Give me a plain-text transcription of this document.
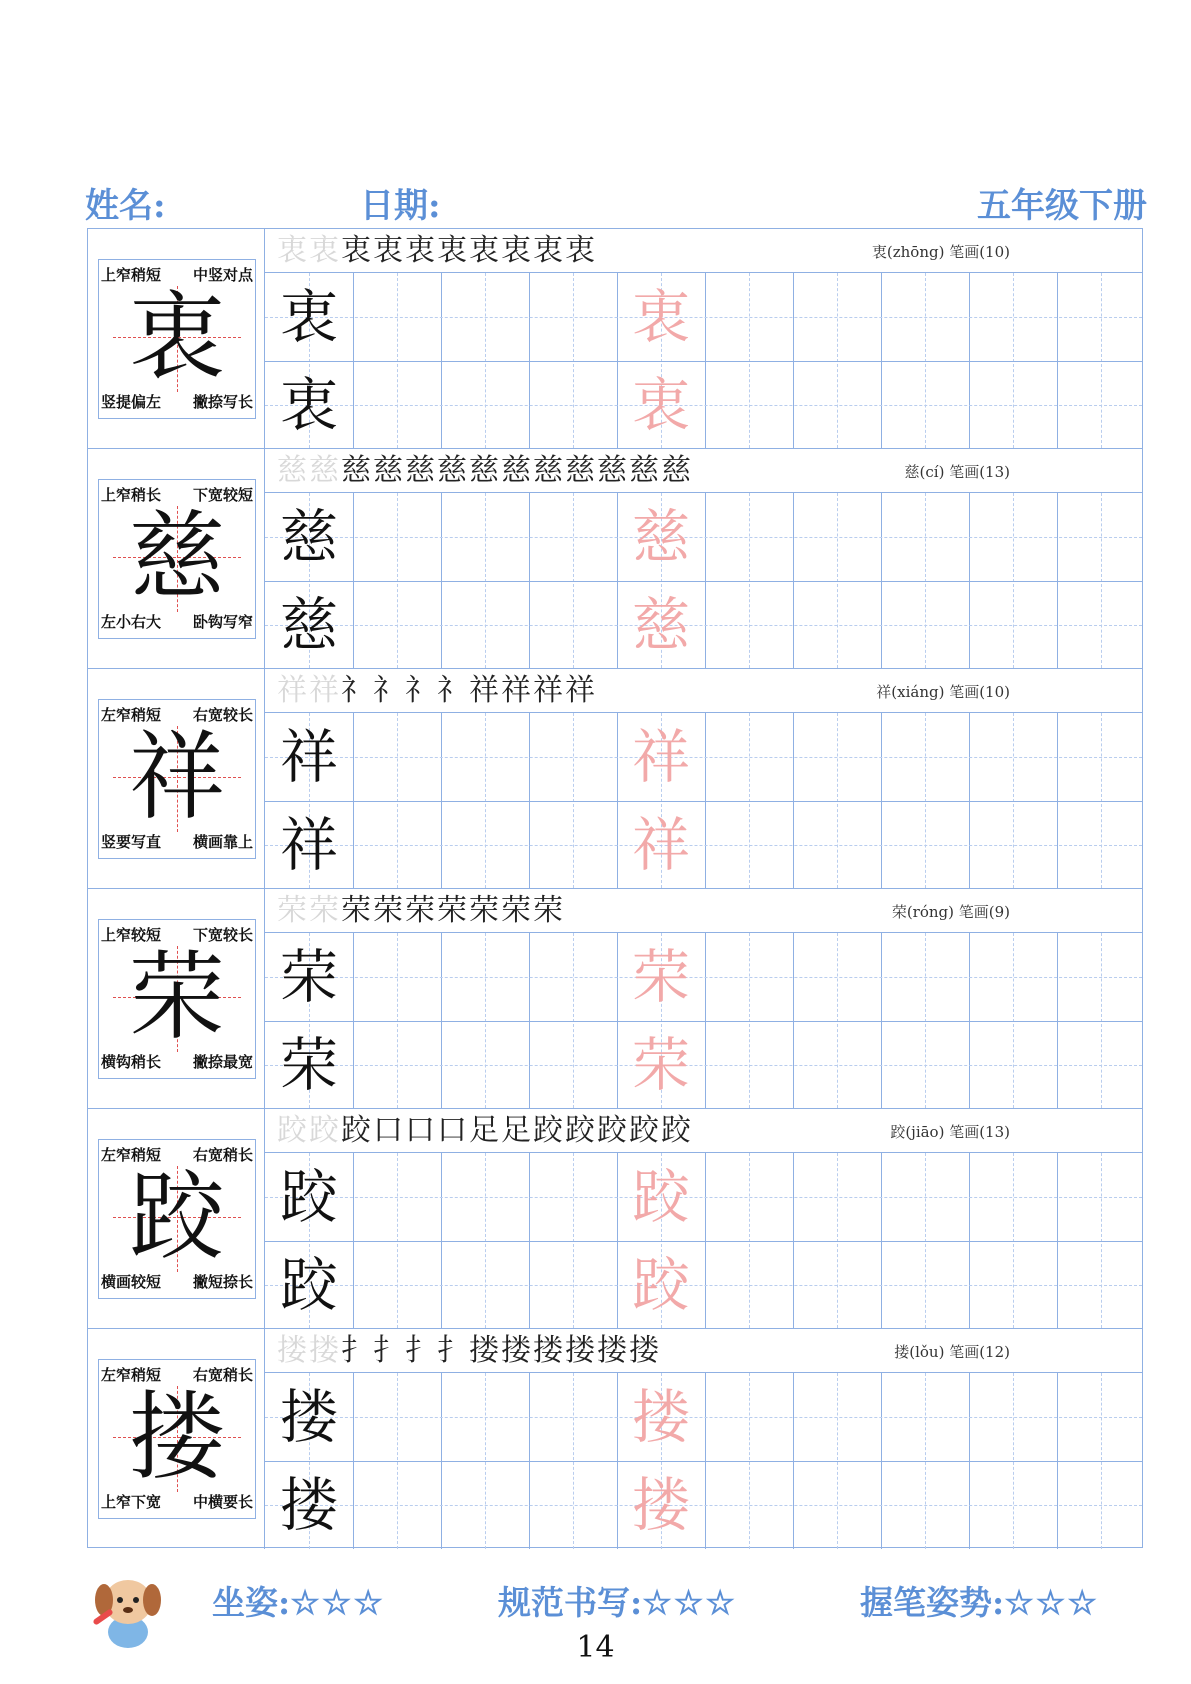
姓名:	日期:	五年级下册
衷
上窄稍短 中竖对点
竖提偏左 撇捺写长
衷衷衷衷衷衷衷衷衷衷	衷(zhōng) 笔画(10)
衷	衷
衷	衷
慈
上窄稍长 下宽较短
左小右大 卧钩写窄
慈慈慈慈慈慈慈慈慈慈慈慈慈	慈(cí) 笔画(13)
慈	慈
慈	慈
祥
左窄稍短 右宽较长
竖要写直 横画靠上
祥祥礻礻礻礻祥祥祥祥	祥(xiáng) 笔画(10)
祥	祥
祥	祥
荣
上窄较短 下宽较长
横钩稍长 撇捺最宽
荣荣荣荣荣荣荣荣荣	荣(róng) 笔画(9)
荣	荣
荣	荣
跤
左窄稍短 右宽稍长
横画较短 撇短捺长
跤跤跤口口口足足跤跤跤跤跤	跤(jiāo) 笔画(13)
跤	跤
跤	跤
搂
左窄稍短 右宽稍长
上窄下宽 中横要长
搂搂扌扌扌扌搂搂搂搂搂搂	搂(lǒu) 笔画(12)
搂	搂
搂	搂
坐姿:☆☆☆	规范书写:☆☆☆	握笔姿势:☆☆☆
14
